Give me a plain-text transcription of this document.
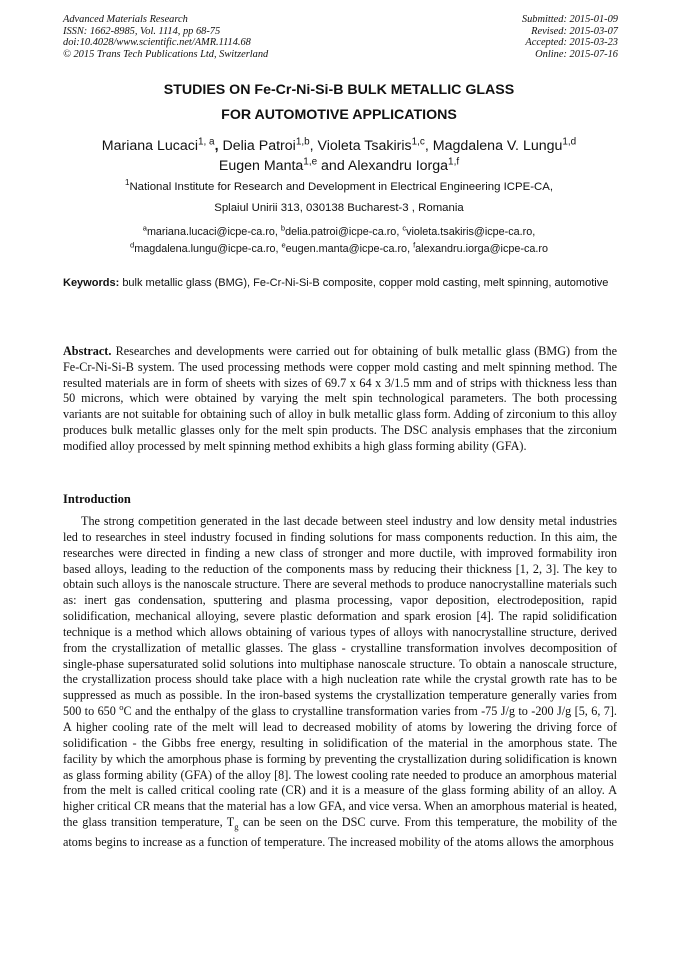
Advanced Materials Research
ISSN: 1662-8985, Vol. 1114, pp 68-75
doi:10.4028/www.scientific.net/AMR.1114.68
© 2015 Trans Tech Publications Ltd, Switzerland
Submitted: 2015-01-09
Revised: 2015-03-07
Accepted: 2015-03-23
Online: 2015-07-16
STUDIES ON Fe-Cr-Ni-Si-B BULK METALLIC GLASS
FOR AUTOMOTIVE APPLICATIONS
Mariana Lucaci$^{1, a}$, Delia Patroi$^{1,b}$, Violeta Tsakiris$^{1,c}$, Magdalena V. Lungu$^{1,d}$
Eugen Manta$^{1,e}$ and Alexandru Iorga$^{1,f}$
$^1$National Institute for Research and Development in Electrical Engineering ICPE-CA,
Splaiul Unirii 313, 030138 Bucharest-3 , Romania
$^a$mariana.lucaci@icpe-ca.ro, $^b$delia.patroi@icpe-ca.ro, $^c$violeta.tsakiris@icpe-ca.ro,
$^d$magdalena.lungu@icpe-ca.ro, $^e$eugen.manta@icpe-ca.ro, $^f$alexandru.iorga@icpe-ca.ro
Keywords: bulk metallic glass (BMG), Fe-Cr-Ni-Si-B composite, copper mold casting, melt spinning, automotive
Abstract. Researches and developments were carried out for obtaining of bulk metallic glass (BMG) from the Fe-Cr-Ni-Si-B system. The used processing methods were copper mold casting and melt spinning method. The resulted materials are in form of sheets with sizes of 69.7 x 64 x 3/1.5 mm and of strips with thickness less than 50 microns, which were obtained by varying the melt spin technological parameters. The both processing variants are not suitable for obtaining such of alloy in bulk metallic glass form. Adding of zirconium to this alloy produces bulk metallic glasses only for the melt spin products. The DSC analysis emphases that the zirconium modified alloy processed by melt spinning method exhibits a high glass forming ability (GFA).
Introduction
The strong competition generated in the last decade between steel industry and low density metal industries led to researches in steel industry focused in finding solutions for mass components reduction. In this aim, the researches were directed in finding a new class of stronger and more ductile, with improved formability iron based alloys, leading to the reduction of the components mass by reducing their thickness [1, 2, 3]. The key to obtain such alloys is the nanoscale structure. There are several methods to produce nanocrystalline materials such as: inert gas condensation, sputtering and plasma processing, vapor deposition, electrodeposition, rapid solidification, mechanical alloying, severe plastic deformation and spark erosion [4]. The rapid solidification technique is a method which allows obtaining of various types of alloys with nanocrystalline structure, derived from the crystallization of metallic glasses. The glass - crystalline transformation involves decomposition of single-phase supersaturated solid solutions into multiphase nanoscale structure. To obtain a nanoscale structure, the crystallization process should take place with a high nucleation rate while the crystal growth rate has to be suppressed as much as possible. In the iron-based systems the crystallization temperature generally varies from 500 to 650 $^o$C and the enthalpy of the glass to crystalline transformation varies from -75 J/g to -200 J/g [5, 6, 7]. A higher cooling rate of the melt will lead to decreased mobility of atoms by lowering the driving force of solidification - the Gibbs free energy, resulting in solidification of the material in the amorphous state. The facility by which the amorphous phase is forming by preventing the crystallization during solidification is known as glass forming ability (GFA) of the alloy [8]. The lowest cooling rate needed to produce an amorphous material from the melt is called critical cooling rate (CR) and it is a measure of the glass forming ability of an alloy. A higher critical CR means that the material has a low GFA, and vice versa. When an amorphous material is heated, the glass transition temperature, $T_g$ can be seen on the DSC curve. From this temperature, the mobility of the atoms begins to increase as a function of temperature. The increased mobility of the atoms allows the amorphous
